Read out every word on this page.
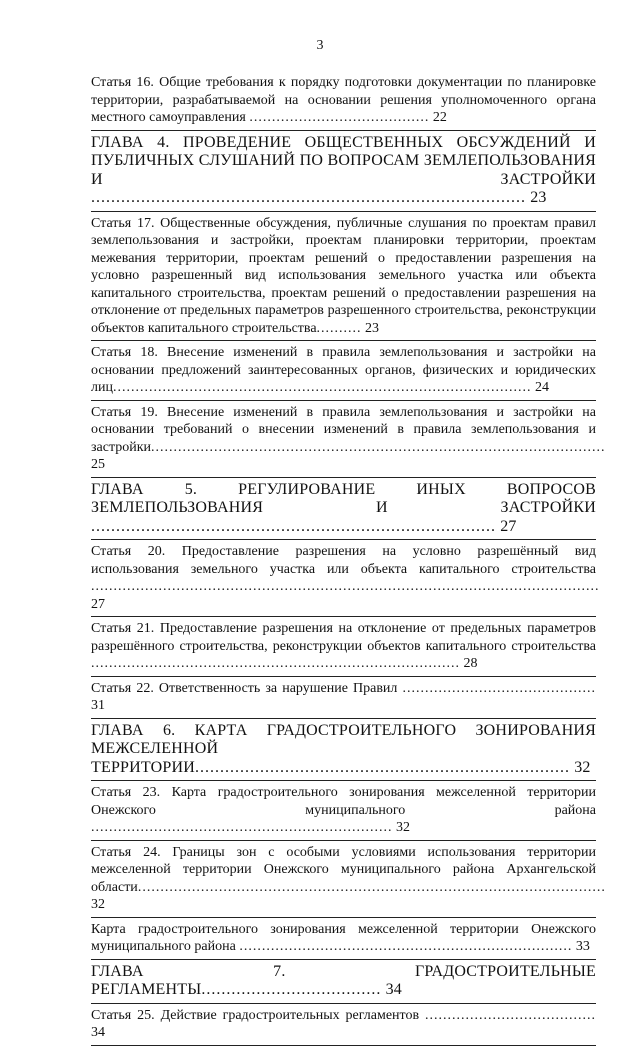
3
Статья 16. Общие требования к порядку подготовки документации по планировке территории, разрабатываемой на основании решения уполномоченного органа местного самоуправления ........................................ 22
ГЛАВА 4. ПРОВЕДЕНИЕ ОБЩЕСТВЕННЫХ ОБСУЖДЕНИЙ И ПУБЛИЧНЫХ СЛУШАНИЙ ПО ВОПРОСАМ ЗЕМЛЕПОЛЬЗОВАНИЯ И ЗАСТРОЙКИ ....................................................................................... 23
Статья 17. Общественные обсуждения, публичные слушания по проектам правил землепользования и застройки, проектам планировки территории, проектам межевания территории, проектам решений о предоставлении разрешения на условно разрешенный вид использования земельного участка или объекта капитального строительства, проектам решений о предоставлении разрешения на отклонение от предельных параметров разрешенного строительства, реконструкции объектов капитального строительства.......... 23
Статья 18. Внесение изменений в правила землепользования и застройки на основании предложений заинтересованных органов, физических и юридических лиц............................................................................................. 24
Статья 19. Внесение изменений в правила землепользования и застройки на основании требований о внесении изменений в правила землепользования и застройки..................................................................................................... 25
ГЛАВА 5. РЕГУЛИРОВАНИЕ ИНЫХ ВОПРОСОВ ЗЕМЛЕПОЛЬЗОВАНИЯ И ЗАСТРОЙКИ ................................................................................. 27
Статья 20. Предоставление разрешения на условно разрешённый вид использования земельного участка или объекта капитального строительства ................................................................................................................. 27
Статья 21. Предоставление разрешения на отклонение от предельных параметров разрешённого строительства, реконструкции объектов капитального строительства .................................................................................. 28
Статья 22. Ответственность за нарушение Правил ........................................... 31
ГЛАВА 6. КАРТА ГРАДОСТРОИТЕЛЬНОГО ЗОНИРОВАНИЯ МЕЖСЕЛЕННОЙ ТЕРРИТОРИИ........................................................................... 32
Статья 23. Карта градостроительного зонирования межселенной территории Онежского муниципального района ................................................................... 32
Статья 24. Границы зон с особыми условиями использования территории межселенной территории Онежского муниципального района Архангельской области........................................................................................................ 32
Карта градостроительного зонирования межселенной территории Онежского муниципального района .......................................................................... 33
ГЛАВА 7. ГРАДОСТРОИТЕЛЬНЫЕ РЕГЛАМЕНТЫ.................................... 34
Статья 25. Действие градостроительных регламентов ...................................... 34
